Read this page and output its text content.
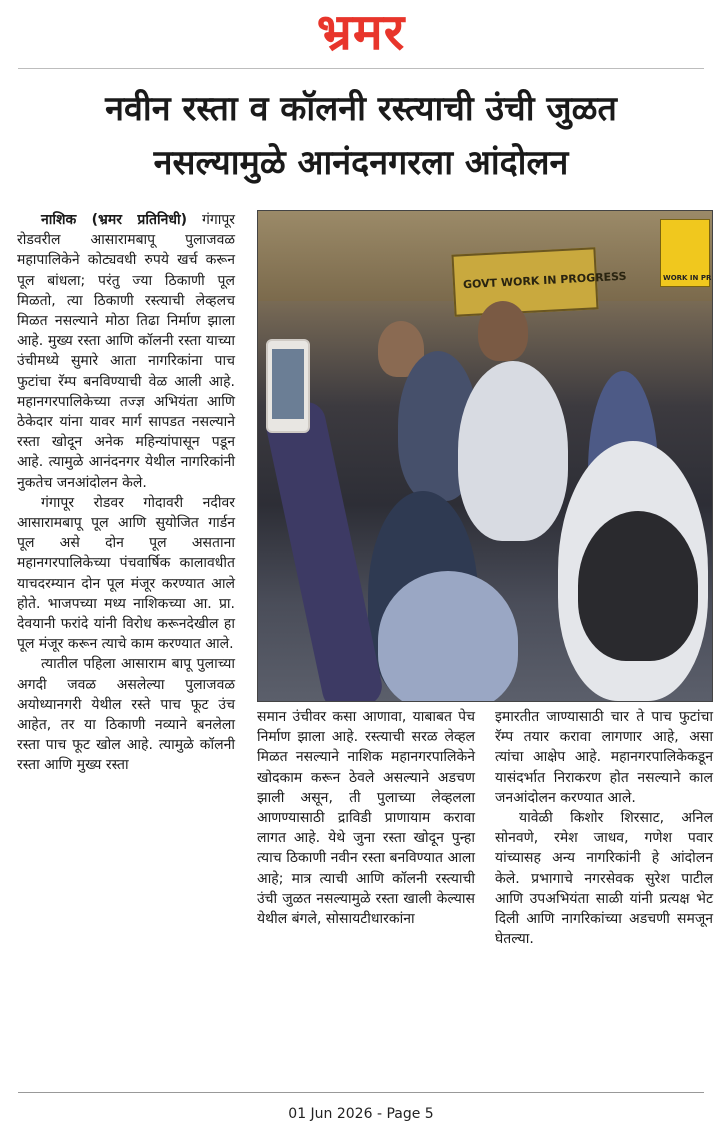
भ्रमर
नवीन रस्ता व कॉलनी रस्त्याची उंची जुळत
नसल्यामुळे आनंदनगरला आंदोलन

नाशिक (भ्रमर प्रतिनिधी) गंगापूर रोडवरील आसारामबापू पुलाजवळ महापालिकेने कोट्यवधी रुपये खर्च करून पूल बांधला; परंतु ज्या ठिकाणी पूल मिळतो, त्या ठिकाणी रस्त्याची लेव्हलच मिळत नसल्याने मोठा तिढा निर्माण झाला आहे. मुख्य रस्ता आणि कॉलनी रस्ता याच्या उंचीमध्ये सुमारे आता नागरिकांना पाच फुटांचा रॅम्प बनविण्याची वेळ आली आहे. महानगरपालिकेच्या तज्ज्ञ अभियंता आणि ठेकेदार यांना यावर मार्ग सापडत नसल्याने रस्ता खोदून अनेक महिन्यांपासून पडून आहे. त्यामुळे आनंदनगर येथील नागरिकांनी नुकतेच जनआंदोलन केले.

गंगापूर रोडवर गोदावरी नदीवर आसारामबापू पूल आणि सुयोजित गार्डन पूल असे दोन पूल असताना महानगरपालिकेच्या पंचवार्षिक कालावधीत याचदरम्यान दोन पूल मंजूर करण्यात आले होते. भाजपच्या मध्य नाशिकच्या आ. प्रा. देवयानी फरांदे यांनी विरोध करूनदेखील हा पूल मंजूर करून त्याचे काम करण्यात आले.

त्यातील पहिला आसाराम बापू पुलाच्या अगदी जवळ असलेल्या पुलाजवळ अयोध्यानगरी येथील रस्ते पाच फूट उंच आहेत, तर या ठिकाणी नव्याने बनलेला रस्ता पाच फूट खोल आहे. त्यामुळे कॉलनी रस्ता आणि मुख्य रस्ता

GOVT WORK IN PROGRESS	WORK IN PR

समान उंचीवर कसा आणावा, याबाबत पेच निर्माण झाला आहे. रस्त्याची सरळ लेव्हल मिळत नसल्याने नाशिक महानगरपालिकेने खोदकाम करून ठेवले असल्याने अडचण झाली असून, ती पुलाच्या लेव्हलला आणण्यासाठी द्राविडी प्राणायाम करावा लागत आहे. येथे जुना रस्ता खोदून पुन्हा त्याच ठिकाणी नवीन रस्ता बनविण्यात आला आहे; मात्र त्याची आणि कॉलनी रस्त्याची उंची जुळत नसल्यामुळे रस्ता खाली केल्यास येथील बंगले, सोसायटीधारकांना

इमारतीत जाण्यासाठी चार ते पाच फुटांचा रॅम्प तयार करावा लागणार आहे, असा त्यांचा आक्षेप आहे. महानगरपालिकेकडून यासंदर्भात निराकरण होत नसल्याने काल जनआंदोलन करण्यात आले.

यावेळी किशोर शिरसाट, अनिल सोनवणे, रमेश जाधव, गणेश पवार यांच्यासह अन्य नागरिकांनी हे आंदोलन केले. प्रभागाचे नगरसेवक सुरेश पाटील आणि उपअभियंता साळी यांनी प्रत्यक्ष भेट दिली आणि नागरिकांच्या अडचणी समजून घेतल्या.

01 Jun 2026 - Page 5
